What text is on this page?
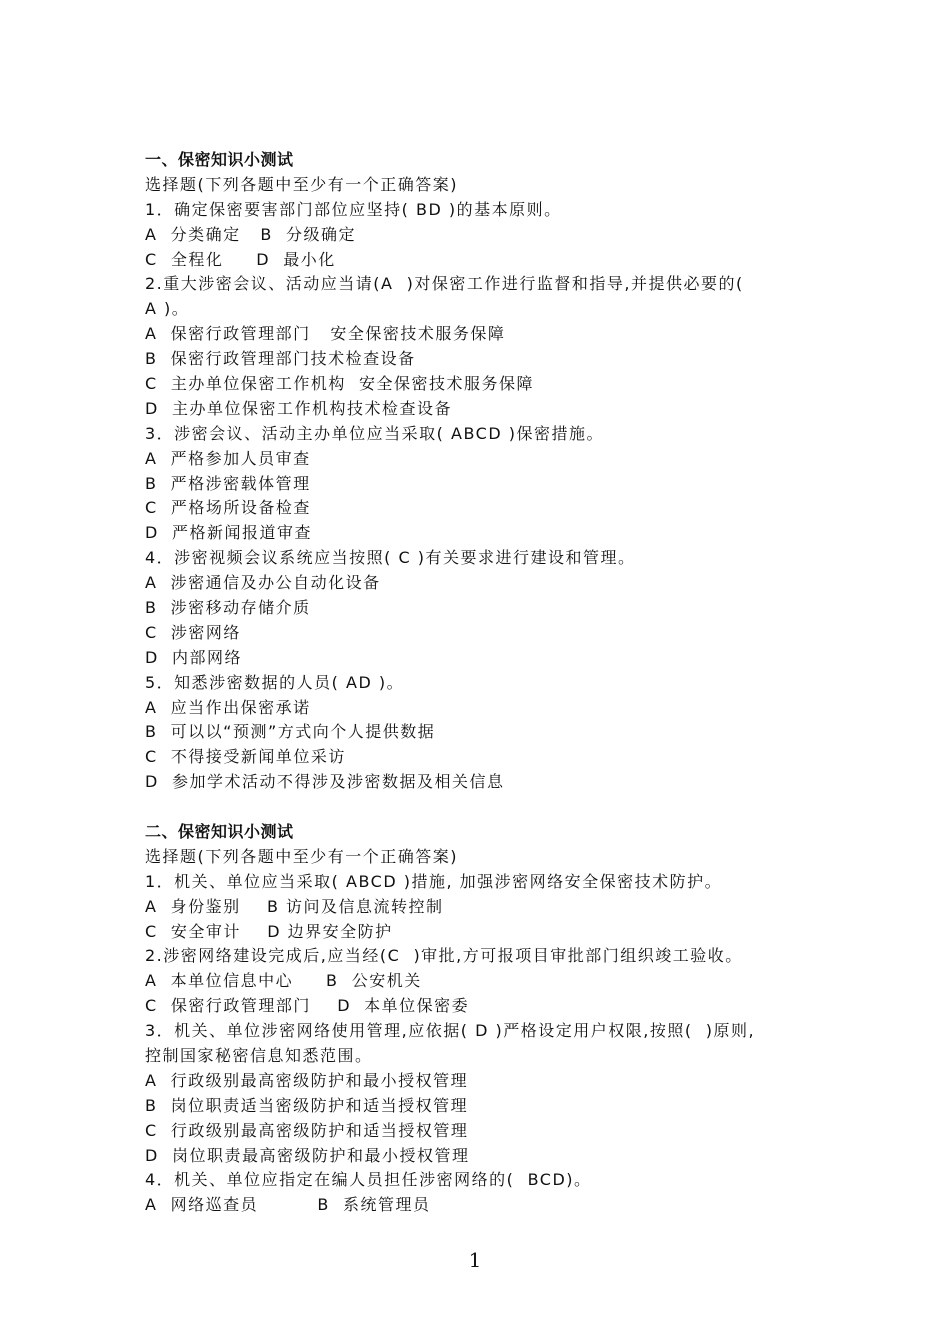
一、保密知识小测试
选择题(下列各题中至少有一个正确答案)
1．确定保密要害部门部位应坚持( BD )的基本原则。
A  分类确定   B  分级确定
C  全程化     D  最小化
2.重大涉密会议、活动应当请(A  )对保密工作进行监督和指导,并提供必要的(
A )。
A  保密行政管理部门   安全保密技术服务保障
B  保密行政管理部门技术检查设备
C  主办单位保密工作机构  安全保密技术服务保障
D  主办单位保密工作机构技术检查设备
3．涉密会议、活动主办单位应当采取( ABCD )保密措施。
A  严格参加人员审查
B  严格涉密载体管理
C  严格场所设备检查
D  严格新闻报道审查
4．涉密视频会议系统应当按照( C )有关要求进行建设和管理。
A  涉密通信及办公自动化设备
B  涉密移动存储介质
C  涉密网络
D  内部网络
5．知悉涉密数据的人员( AD )。
A  应当作出保密承诺
B  可以以“预测”方式向个人提供数据
C  不得接受新闻单位采访
D  参加学术活动不得涉及涉密数据及相关信息
二、保密知识小测试
选择题(下列各题中至少有一个正确答案)
1．机关、单位应当采取( ABCD )措施, 加强涉密网络安全保密技术防护。
A  身份鉴别    B 访问及信息流转控制
C  安全审计    D 边界安全防护
2.涉密网络建设完成后,应当经(C  )审批,方可报项目审批部门组织竣工验收。
A  本单位信息中心     B  公安机关
C  保密行政管理部门    D  本单位保密委
3．机关、单位涉密网络使用管理,应依据( D )严格设定用户权限,按照(  )原则,
控制国家秘密信息知悉范围。
A  行政级别最高密级防护和最小授权管理
B  岗位职责适当密级防护和适当授权管理
C  行政级别最高密级防护和适当授权管理
D  岗位职责最高密级防护和最小授权管理
4．机关、单位应指定在编人员担任涉密网络的(  BCD)。
A  网络巡查员         B  系统管理员
1
